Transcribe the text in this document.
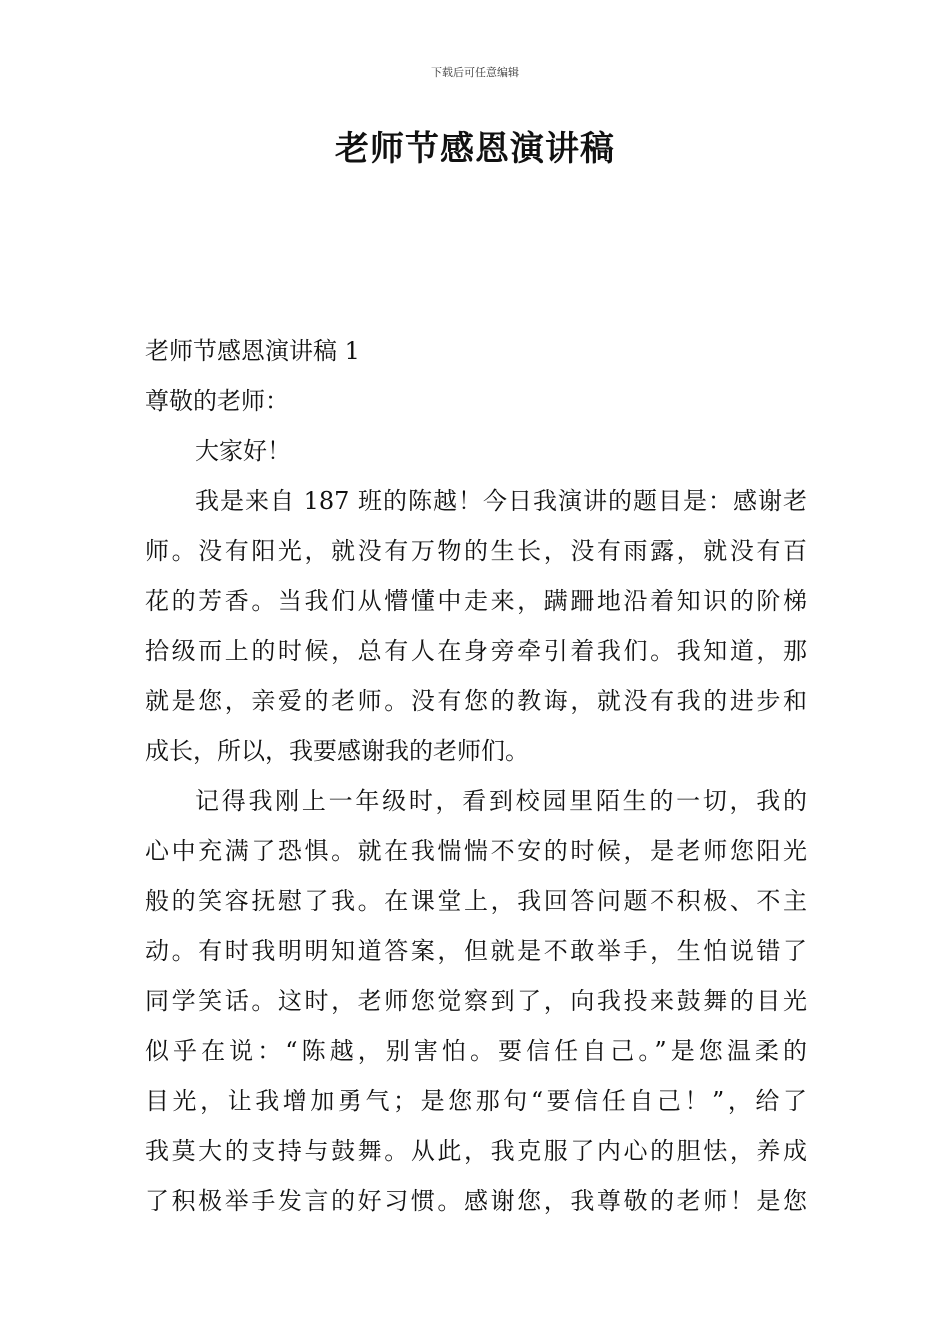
下载后可任意编辑
老师节感恩演讲稿
老师节感恩演讲稿 1
尊敬的老师：
大家好！
我是来自 187 班的陈越！今日我演讲的题目是：感谢老
师。没有阳光，就没有万物的生长，没有雨露，就没有百
花的芳香。当我们从懵懂中走来，蹒跚地沿着知识的阶梯
拾级而上的时候，总有人在身旁牵引着我们。我知道，那
就是您，亲爱的老师。没有您的教诲，就没有我的进步和
成长，所以，我要感谢我的老师们。
记得我刚上一年级时，看到校园里陌生的一切，我的
心中充满了恐惧。就在我惴惴不安的时候，是老师您阳光
般的笑容抚慰了我。在课堂上，我回答问题不积极、不主
动。有时我明明知道答案，但就是不敢举手，生怕说错了
同学笑话。这时，老师您觉察到了，向我投来鼓舞的目光
似乎在说：“陈越，别害怕。要信任自己。”是您温柔的
目光，让我增加勇气；是您那句“要信任自己！”，给了
我莫大的支持与鼓舞。从此，我克服了内心的胆怯，养成
了积极举手发言的好习惯。感谢您，我尊敬的老师！是您
